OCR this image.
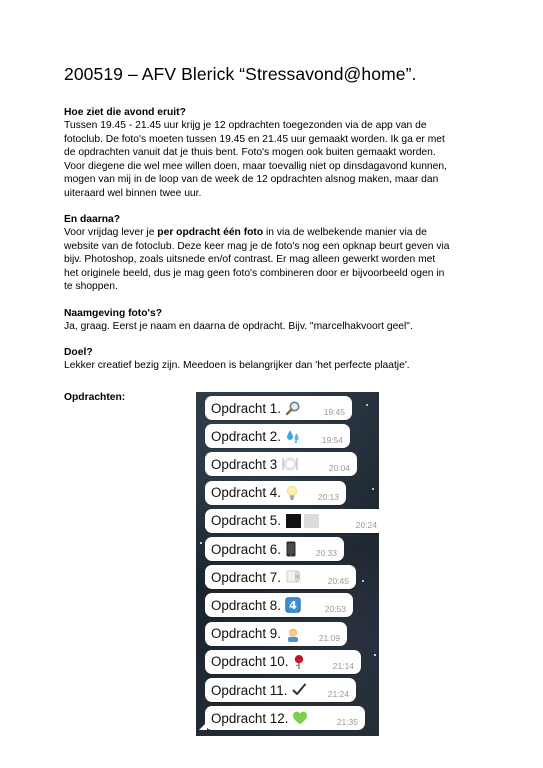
200519 – AFV Blerick “Stressavond@home”.
Hoe ziet die avond eruit?

Tussen 19.45 - 21.45 uur krijg je 12 opdrachten toegezonden via de app van de

fotoclub. De foto's moeten tussen 19.45 en 21.45 uur gemaakt worden. Ik ga er met

de opdrachten vanuit dat je thuis bent. Foto's mogen ook buiten gemaakt worden.

Voor diegene die wel mee willen doen, maar toevallig niet op dinsdagavond kunnen,

mogen van mij in de loop van de week de 12 opdrachten alsnog maken, maar dan

uiteraard wel binnen twee uur.

En daarna?

Voor vrijdag lever je per opdracht één foto in via de welbekende manier via de

website van de fotoclub. Deze keer mag je de foto's nog een opknap beurt geven via

bijv. Photoshop, zoals uitsnede en/of contrast. Er mag alleen gewerkt worden met

het originele beeld, dus je mag geen foto's combineren door er bijvoorbeeld ogen in

te shoppen.

Naamgeving foto's?

Ja, graag. Eerst je naam en daarna de opdracht. Bijv. "marcelhakvoort geel".

Doel?

Lekker creatief bezig zijn. Meedoen is belangrijker dan 'het perfecte plaatje'.

Opdrachten:
Opdracht 1.	19:45
Opdracht 2.	19:54
Opdracht 3	20:04
Opdracht 4.	20:13
Opdracht 5.	20:24
Opdracht 6.	20:33
Opdracht 7.	20:45
Opdracht 8. 4	20:53
Opdracht 9.	21:09
Opdracht 10.	21:14
Opdracht 11.	21:24
Opdracht 12.	21:35
